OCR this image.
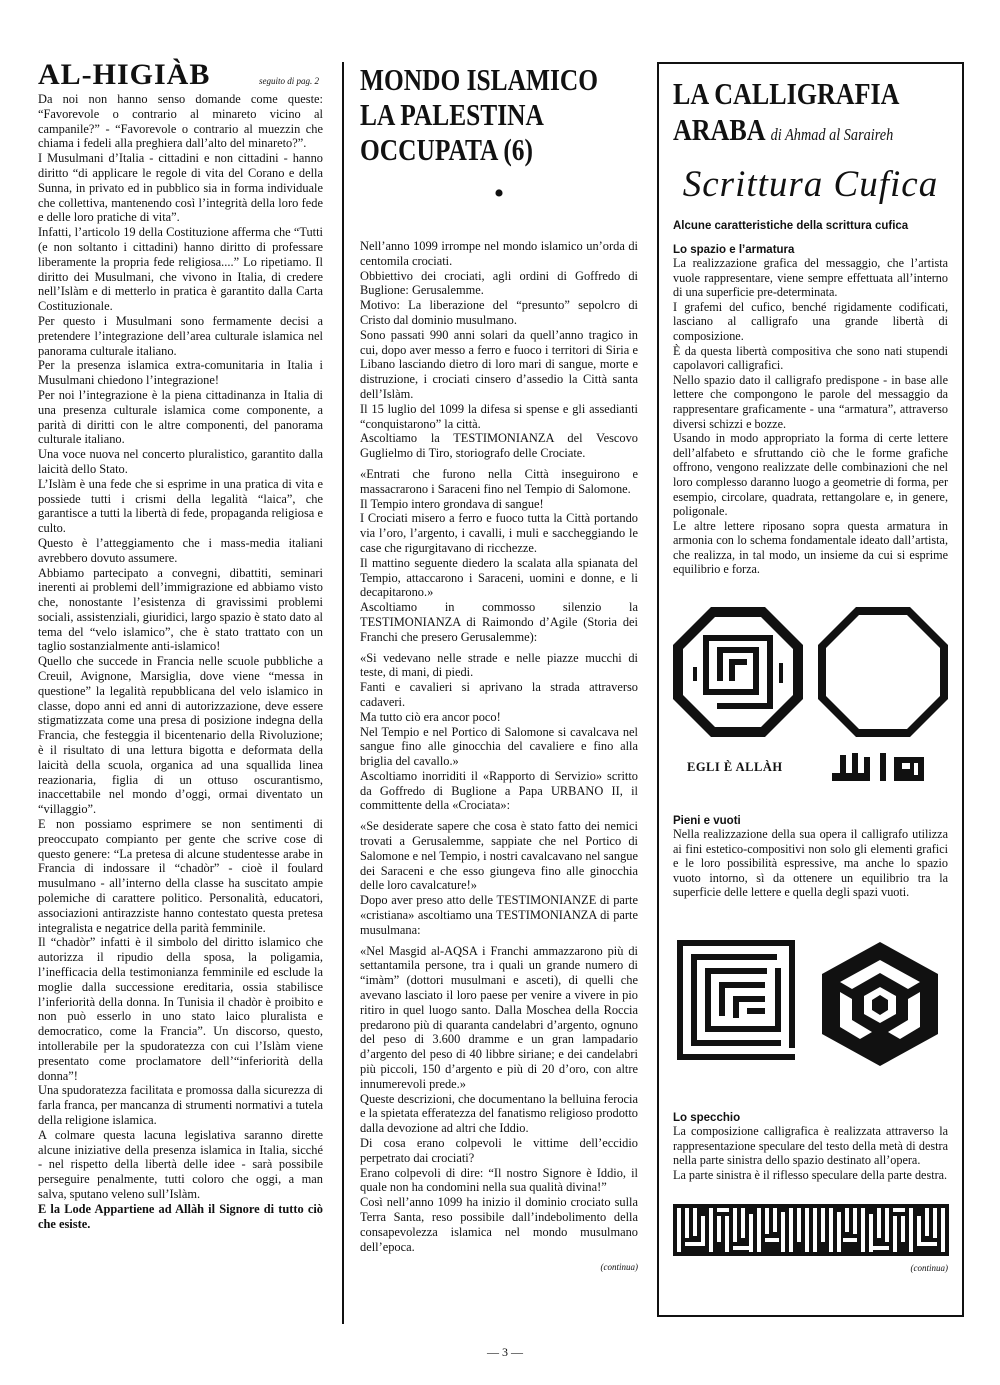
AL-HIGIÀB	seguito di pag. 2

Da noi non hanno senso domande come queste: “Favorevole o contrario al minareto vicino al campanile?” - “Favorevole o contrario al muezzin che chiama i fedeli alla preghiera dall’alto del minareto?”.

I Musulmani d’Italia - cittadini e non cittadini - hanno diritto “di applicare le regole di vita del Corano e della Sunna, in privato ed in pubblico sia in forma individuale che collettiva, mantenendo così l’integrità della loro fede e delle loro pratiche di vita”.

Infatti, l’articolo 19 della Costituzione afferma che “Tutti (e non soltanto i cittadini) hanno diritto di professare liberamente la propria fede religiosa....” Lo ripetiamo. Il diritto dei Musulmani, che vivono in Italia, di credere nell’Islàm e di metterlo in pratica è garantito dalla Carta Costituzionale.

Per questo i Musulmani sono fermamente decisi a pretendere l’integrazione dell’area culturale islamica nel panorama culturale italiano.

Per la presenza islamica extra-comunitaria in Italia i Musulmani chiedono l’integrazione!

Per noi l’integrazione è la piena cittadinanza in Italia di una presenza culturale islamica come componente, a parità di diritti con le altre componenti, del panorama culturale italiano.

Una voce nuova nel concerto pluralistico, garantito dalla laicità dello Stato.

L’Islàm è una fede che si esprime in una pratica di vita e possiede tutti i crismi della legalità “laica”, che garantisce a tutti la libertà di fede, propaganda religiosa e culto.

Questo è l’atteggiamento che i mass-media italiani avrebbero dovuto assumere.

Abbiamo partecipato a convegni, dibattiti, seminari inerenti ai problemi dell’immigrazione ed abbiamo visto che, nonostante l’esistenza di gravissimi problemi sociali, assistenziali, giuridici, largo spazio è stato dato al tema del “velo islamico”, che è stato trattato con un taglio sostanzialmente anti-islamico!

Quello che succede in Francia nelle scuole pubbliche a Creuil, Avignone, Marsiglia, dove viene “messa in questione” la legalità repubblicana del velo islamico in classe, dopo anni ed anni di autorizzazione, deve essere stigmatizzata come una presa di posizione indegna della Francia, che festeggia il bicentenario della Rivoluzione; è il risultato di una lettura bigotta e deformata della laicità della scuola, organica ad una squallida linea reazionaria, figlia di un ottuso oscurantismo, inaccettabile nel mondo d’oggi, ormai diventato un “villaggio”.

E non possiamo esprimere se non sentimenti di preoccupato compianto per gente che scrive cose di questo genere: “La pretesa di alcune studentesse arabe in Francia di indossare il “chadòr” - cioè il foulard musulmano - all’interno della classe ha suscitato ampie polemiche di carattere politico. Personalità, educatori, associazioni antirazziste hanno contestato questa pretesa integralista e negatrice della parità femminile.

Il “chadòr” infatti è il simbolo del diritto islamico che autorizza il ripudio della sposa, la poligamia, l’inefficacia della testimonianza femminile ed esclude la moglie dalla successione ereditaria, ossia stabilisce l’inferiorità della donna. In Tunisia il chadòr è proibito e non può esserlo in uno stato laico pluralista e democratico, come la Francia”. Un discorso, questo, intollerabile per la spudoratezza con cui l’Islàm viene presentato come proclamatore dell’“inferiorità della donna”!

Una spudoratezza facilitata e promossa dalla sicurezza di farla franca, per mancanza di strumenti normativi a tutela della religione islamica.

A colmare questa lacuna legislativa saranno dirette alcune iniziative della presenza islamica in Italia, sicché - nel rispetto della libertà delle idee - sarà possibile perseguire penalmente, tutti coloro che oggi, a man salva, sputano veleno sull’Islàm.

E la Lode Appartiene ad Allàh il Signore di tutto ciò che esiste.

MONDO ISLAMICO
LA PALESTINA
OCCUPATA (6)
•

Nell’anno 1099 irrompe nel mondo islamico un’orda di centomila crociati.

Obbiettivo dei crociati, agli ordini di Goffredo di Buglione: Gerusalemme.

Motivo: La liberazione del “presunto” sepolcro di Cristo dal dominio musulmano.

Sono passati 990 anni solari da quell’anno tragico in cui, dopo aver messo a ferro e fuoco i territori di Siria e Libano lasciando dietro di loro mari di sangue, morte e distruzione, i crociati cinsero d’assedio la Città santa dell’Islàm.

Il 15 luglio del 1099 la difesa si spense e gli assedianti “conquistarono” la città.

Ascoltiamo la TESTIMONIANZA del Vescovo Guglielmo di Tiro, storiografo delle Crociate.

«Entrati che furono nella Città inseguirono e massacrarono i Saraceni fino nel Tempio di Salomone.

Il Tempio intero grondava di sangue!

I Crociati misero a ferro e fuoco tutta la Città portando via l’oro, l’argento, i cavalli, i muli e saccheggiando le case che rigurgitavano di ricchezze.

Il mattino seguente diedero la scalata alla spianata del Tempio, attaccarono i Saraceni, uomini e donne, e li decapitarono.»

Ascoltiamo in commosso silenzio la TESTIMONIANZA di Raimondo d’Agile (Storia dei Franchi che presero Gerusalemme):

«Si vedevano nelle strade e nelle piazze mucchi di teste, di mani, di piedi.

Fanti e cavalieri si aprivano la strada attraverso cadaveri.

Ma tutto ciò era ancor poco!

Nel Tempio e nel Portico di Salomone si cavalcava nel sangue fino alle ginocchia del cavaliere e fino alla briglia del cavallo.»

Ascoltiamo inorriditi il «Rapporto di Servizio» scritto da Goffredo di Buglione a Papa URBANO II, il committente della «Crociata»:

«Se desiderate sapere che cosa è stato fatto dei nemici trovati a Gerusalemme, sappiate che nel Portico di Salomone e nel Tempio, i nostri cavalcavano nel sangue dei Saraceni e che esso giungeva fino alle ginocchia delle loro cavalcature!»

Dopo aver preso atto delle TESTIMONIANZE di parte «cristiana» ascoltiamo una TESTIMONIANZA di parte musulmana:

«Nel Masgid al-AQSA i Franchi ammazzarono più di settantamila persone, tra i quali un grande numero di “imàm” (dottori musulmani e asceti), di quelli che avevano lasciato il loro paese per venire a vivere in pio ritiro in quel luogo santo. Dalla Moschea della Roccia predarono più di quaranta candelabri d’argento, ognuno del peso di 3.600 dramme e un gran lampadario d’argento del peso di 40 libbre siriane; e dei candelabri più piccoli, 150 d’argento e più di 20 d’oro, con altre innumerevoli prede.»

Queste descrizioni, che documentano la belluina ferocia e la spietata efferatezza del fanatismo religioso prodotto dalla devozione ad altri che Iddio.

Di cosa erano colpevoli le vittime dell’eccidio perpetrato dai crociati?

Erano colpevoli di dire: “Il nostro Signore è Iddio, il quale non ha condomini nella sua qualità divina!”

Così nell’anno 1099 ha inizio il dominio crociato sulla Terra Santa, reso possibile dall’indebolimento della consapevolezza islamica nel mondo musulmano dell’epoca.

(continua)
LA CALLIGRAFIA
ARABA di Ahmad al Saraireh
Scrittura Cufica
Alcune caratteristiche della scrittura cufica
Lo spazio e l’armatura

La realizzazione grafica del messaggio, che l’artista vuole rappresentare, viene sempre effettuata all’interno di una superficie pre-determinata.

I grafemi del cufico, benché rigidamente codificati, lasciano al calligrafo una grande libertà di composizione.

È da questa libertà compositiva che sono nati stupendi capolavori calligrafici.

Nello spazio dato il calligrafo predispone - in base alle lettere che compongono le parole del messaggio da rappresentare graficamente - una “armatura”, attraverso diversi schizzi e bozze.

Usando in modo appropriato la forma di certe lettere dell’alfabeto e sfruttando ciò che le forme grafiche offrono, vengono realizzate delle combinazioni che nel loro complesso daranno luogo a geometrie di forma, per esempio, circolare, quadrata, rettangolare e, in genere, poligonale.

Le altre lettere riposano sopra questa armatura in armonia con lo schema fondamentale ideato dall’artista, che realizza, in tal modo, un insieme da cui si esprime equilibrio e forza.

EGLI È ALLÀH
Pieni e vuoti

Nella realizzazione della sua opera il calligrafo utilizza ai fini estetico-compositivi non solo gli elementi grafici e le loro possibilità espressive, ma anche lo spazio vuoto intorno, sì da ottenere un equilibrio tra la superficie delle lettere e quella degli spazi vuoti.

Lo specchio

La composizione calligrafica è realizzata attraverso la rappresentazione speculare del testo della metà di destra nella parte sinistra dello spazio destinato all’opera.

La parte sinistra è il riflesso speculare della parte destra.

(continua)
— 3 —
